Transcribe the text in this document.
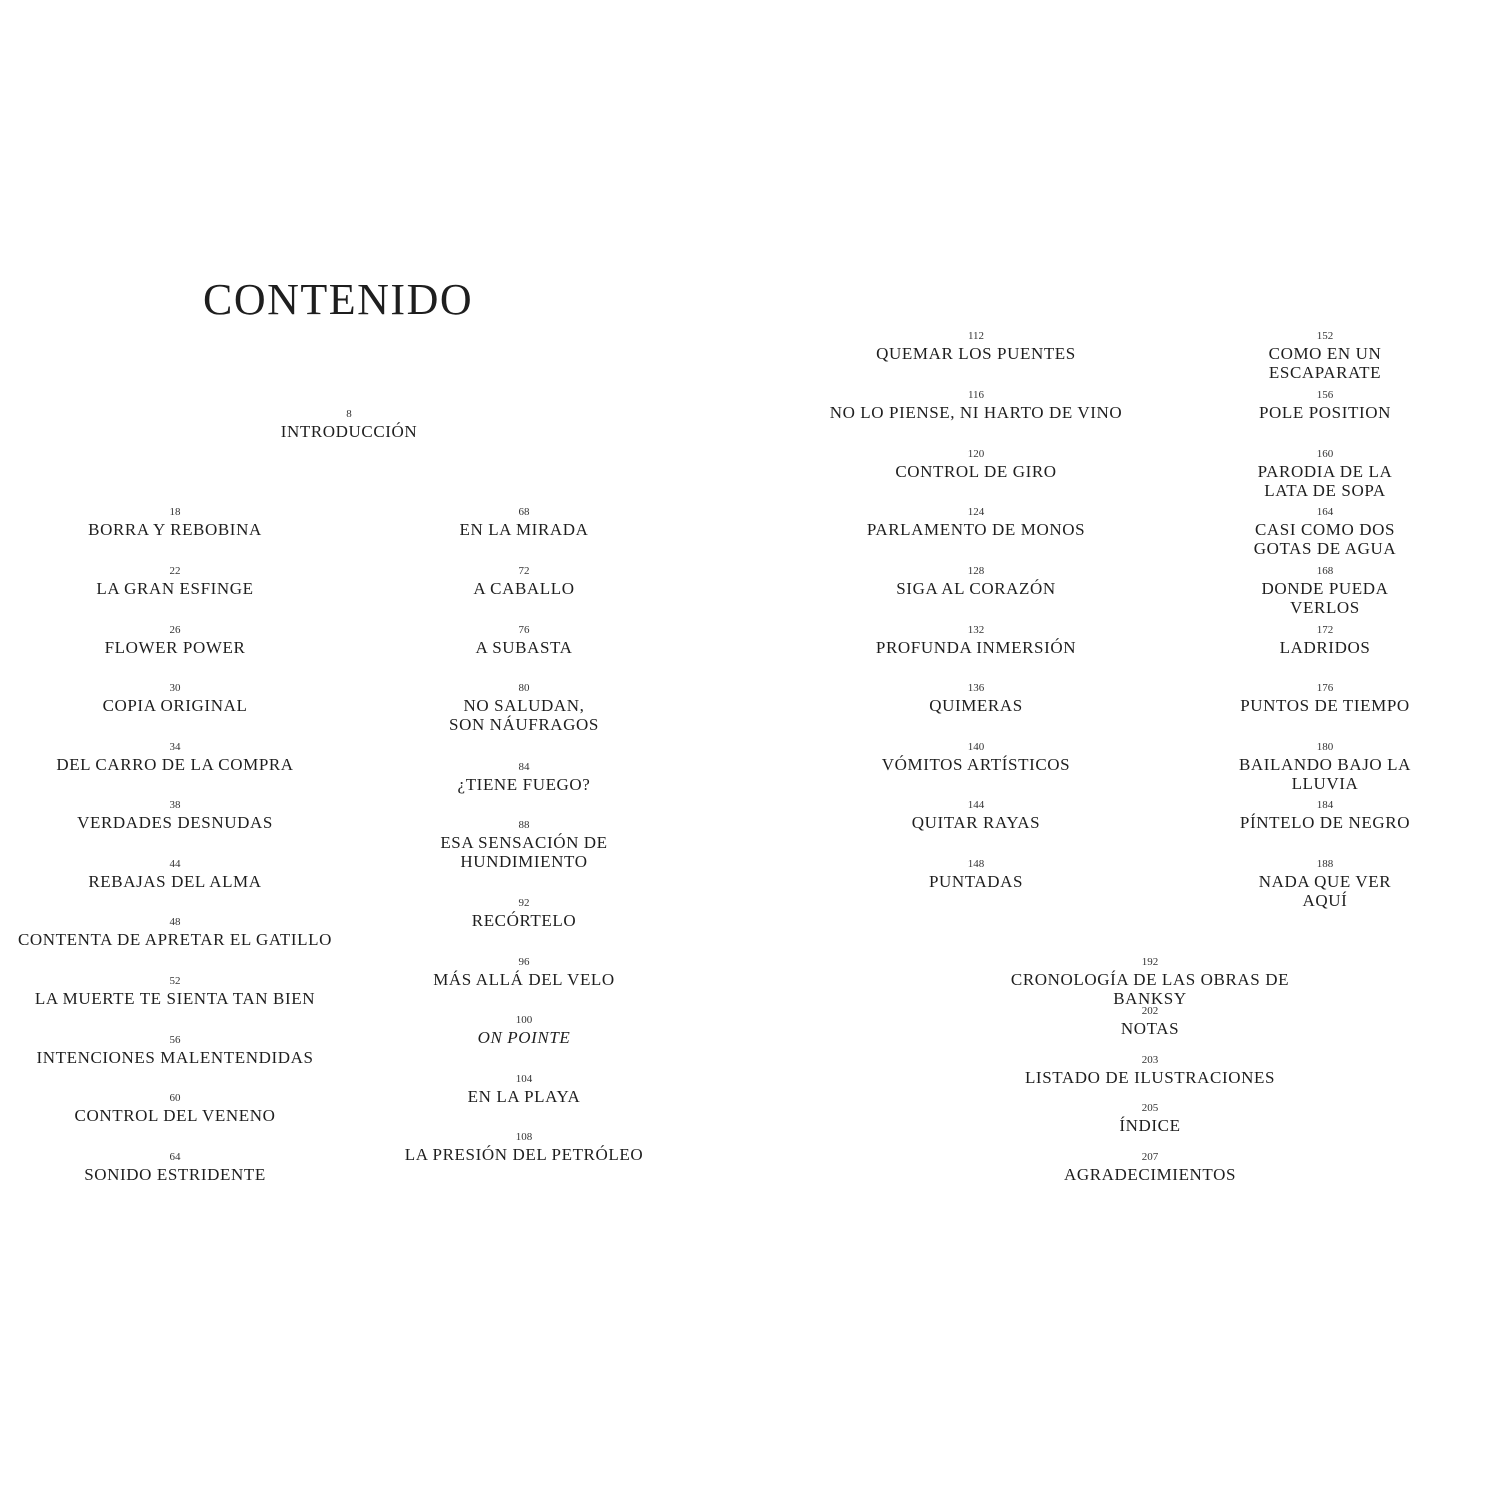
CONTENIDO
8
INTRODUCCIÓN
18
BORRA Y REBOBINA
22
LA GRAN ESFINGE
26
FLOWER POWER
30
COPIA ORIGINAL
34
DEL CARRO DE LA COMPRA
38
VERDADES DESNUDAS
44
REBAJAS DEL ALMA
48
CONTENTA DE APRETAR EL GATILLO
52
LA MUERTE TE SIENTA TAN BIEN
56
INTENCIONES MALENTENDIDAS
60
CONTROL DEL VENENO
64
SONIDO ESTRIDENTE
68
EN LA MIRADA
72
A CABALLO
76
A SUBASTA
80
NO SALUDAN,
SON NÁUFRAGOS
84
¿TIENE FUEGO?
88
ESA SENSACIÓN DE
HUNDIMIENTO
92
RECÓRTELO
96
MÁS ALLÁ DEL VELO
100
ON POINTE
104
EN LA PLAYA
108
LA PRESIÓN DEL PETRÓLEO
112
QUEMAR LOS PUENTES
116
NO LO PIENSE, NI HARTO DE VINO
120
CONTROL DE GIRO
124
PARLAMENTO DE MONOS
128
SIGA AL CORAZÓN
132
PROFUNDA INMERSIÓN
136
QUIMERAS
140
VÓMITOS ARTÍSTICOS
144
QUITAR RAYAS
148
PUNTADAS
152
COMO EN UN ESCAPARATE
156
POLE POSITION
160
PARODIA DE LA LATA DE SOPA
164
CASI COMO DOS GOTAS DE AGUA
168
DONDE PUEDA VERLOS
172
LADRIDOS
176
PUNTOS DE TIEMPO
180
BAILANDO BAJO LA LLUVIA
184
PÍNTELO DE NEGRO
188
NADA QUE VER AQUÍ
192
CRONOLOGÍA DE LAS OBRAS DE BANKSY
202
NOTAS
203
LISTADO DE ILUSTRACIONES
205
ÍNDICE
207
AGRADECIMIENTOS
